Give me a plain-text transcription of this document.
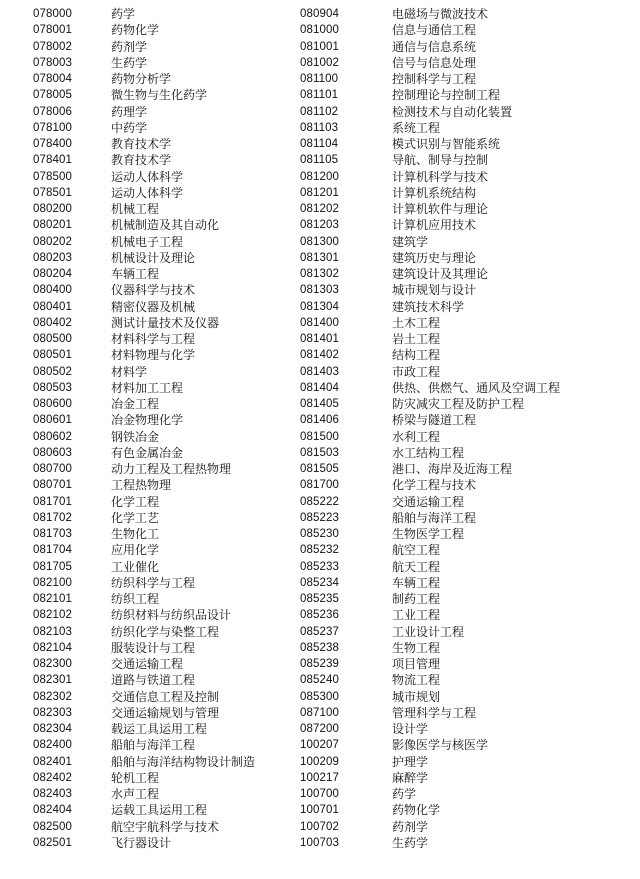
078000	药学
078001	药物化学
078002	药剂学
078003	生药学
078004	药物分析学
078005	微生物与生化药学
078006	药理学
078100	中药学
078400	教育技术学
078401	教育技术学
078500	运动人体科学
078501	运动人体科学
080200	机械工程
080201	机械制造及其自动化
080202	机械电子工程
080203	机械设计及理论
080204	车辆工程
080400	仪器科学与技术
080401	精密仪器及机械
080402	测试计量技术及仪器
080500	材料科学与工程
080501	材料物理与化学
080502	材料学
080503	材料加工工程
080600	冶金工程
080601	冶金物理化学
080602	钢铁冶金
080603	有色金属冶金
080700	动力工程及工程热物理
080701	工程热物理
081701	化学工程
081702	化学工艺
081703	生物化工
081704	应用化学
081705	工业催化
082100	纺织科学与工程
082101	纺织工程
082102	纺织材料与纺织品设计
082103	纺织化学与染整工程
082104	服装设计与工程
082300	交通运输工程
082301	道路与铁道工程
082302	交通信息工程及控制
082303	交通运输规划与管理
082304	载运工具运用工程
082400	船舶与海洋工程
082401	船舶与海洋结构物设计制造
082402	轮机工程
082403	水声工程
082404	运载工具运用工程
082500	航空宇航科学与技术
082501	飞行器设计
080904	电磁场与微波技术
081000	信息与通信工程
081001	通信与信息系统
081002	信号与信息处理
081100	控制科学与工程
081101	控制理论与控制工程
081102	检测技术与自动化装置
081103	系统工程
081104	模式识别与智能系统
081105	导航、制导与控制
081200	计算机科学与技术
081201	计算机系统结构
081202	计算机软件与理论
081203	计算机应用技术
081300	建筑学
081301	建筑历史与理论
081302	建筑设计及其理论
081303	城市规划与设计
081304	建筑技术科学
081400	土木工程
081401	岩土工程
081402	结构工程
081403	市政工程
081404	供热、供燃气、通风及空调工程
081405	防灾减灾工程及防护工程
081406	桥梁与隧道工程
081500	水利工程
081503	水工结构工程
081505	港口、海岸及近海工程
081700	化学工程与技术
085222	交通运输工程
085223	船舶与海洋工程
085230	生物医学工程
085232	航空工程
085233	航天工程
085234	车辆工程
085235	制药工程
085236	工业工程
085237	工业设计工程
085238	生物工程
085239	项目管理
085240	物流工程
085300	城市规划
087100	管理科学与工程
087200	设计学
100207	影像医学与核医学
100209	护理学
100217	麻醉学
100700	药学
100701	药物化学
100702	药剂学
100703	生药学
